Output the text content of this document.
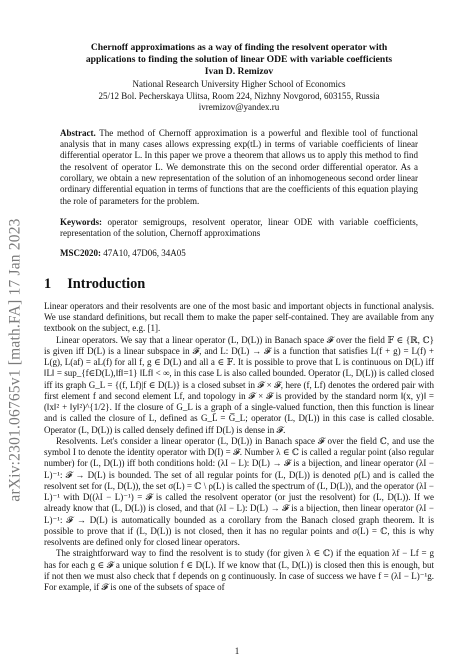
arXiv:2301.06765v1 [math.FA] 17 Jan 2023

Chernoff approximations as a way of finding the resolvent operator with

applications to finding the solution of linear ODE with variable coefficients

Ivan D. Remizov

National Research University Higher School of Economics

25/12 Bol. Pecherskaya Ulitsa, Room 224, Nizhny Novgorod, 603155, Russia

ivremizov@yandex.ru

Abstract. The method of Chernoff approximation is a powerful and flexible tool of functional analysis that in many cases allows expressing exp(tL) in terms of variable coefficients of linear differential operator L. In this paper we prove a theorem that allows us to apply this method to find the resolvent of operator L. We demonstrate this on the second order differential operator. As a corollary, we obtain a new representation of the solution of an inhomogeneous second order linear ordinary differential equation in terms of functions that are the coefficients of this equation playing the role of parameters for the problem.
Keywords: operator semigroups, resolvent operator, linear ODE with variable coefficients, representation of the solution, Chernoff approximations
MSC2020: 47A10, 47D06, 34A05
1 Introduction

Linear operators and their resolvents are one of the most basic and important objects in functional analysis. We use standard definitions, but recall them to make the paper self-contained. They are available from any textbook on the subject, e.g. [1].

Linear operators. We say that a linear operator (L, D(L)) in Banach space 𝓕 over the field 𝔽 ∈ {ℝ, ℂ} is given iff D(L) is a linear subspace in 𝓕, and L: D(L) → 𝓕 is a function that satisfies L(f + g) = L(f) + L(g), L(af) = aL(f) for all f, g ∈ D(L) and all a ∈ 𝔽. It is possible to prove that L is continuous on D(L) iff ‖L‖ = sup_{f∈D(L),‖f‖=1} ‖Lf‖ < ∞, in this case L is also called bounded. Operator (L, D(L)) is called closed iff its graph G_L = {(f, Lf)|f ∈ D(L)} is a closed subset in 𝓕 × 𝓕, here (f, Lf) denotes the ordered pair with first element f and second element Lf, and topology in 𝓕 × 𝓕 is provided by the standard norm ‖(x, y)‖ = (‖x‖² + ‖y‖²)^{1/2}. If the closure of G_L is a graph of a single-valued function, then this function is linear and is called the closure of L, defined as G_L̄ = G̅_L; operator (L, D(L)) in this case is called closable. Operator (L, D(L)) is called densely defined iff D(L) is dense in 𝓕.

Resolvents. Let's consider a linear operator (L, D(L)) in Banach space 𝓕 over the field ℂ, and use the symbol I to denote the identity operator with D(I) = 𝓕. Number λ ∈ ℂ is called a regular point (also regular number) for (L, D(L)) iff both conditions hold: (λI − L): D(L) → 𝓕 is a bijection, and linear operator (λI − L)⁻¹: 𝓕 → D(L) is bounded. The set of all regular points for (L, D(L)) is denoted ρ(L) and is called the resolvent set for (L, D(L)), the set σ(L) = ℂ \ ρ(L) is called the spectrum of (L, D(L)), and the operator (λI − L)⁻¹ with D((λI − L)⁻¹) = 𝓕 is called the resolvent operator (or just the resolvent) for (L, D(L)). If we already know that (L, D(L)) is closed, and that (λI − L): D(L) → 𝓕 is a bijection, then linear operator (λI − L)⁻¹: 𝓕 → D(L) is automatically bounded as a corollary from the Banach closed graph theorem. It is possible to prove that if (L, D(L)) is not closed, then it has no regular points and σ(L) = ℂ, this is why resolvents are defined only for closed linear operators.

The straightforward way to find the resolvent is to study (for given λ ∈ ℂ) if the equation λf − Lf = g has for each g ∈ 𝓕 a unique solution f ∈ D(L). If we know that (L, D(L)) is closed then this is enough, but if not then we must also check that f depends on g continuously. In case of success we have f = (λI − L)⁻¹g. For example, if 𝓕 is one of the subsets of space of

1
